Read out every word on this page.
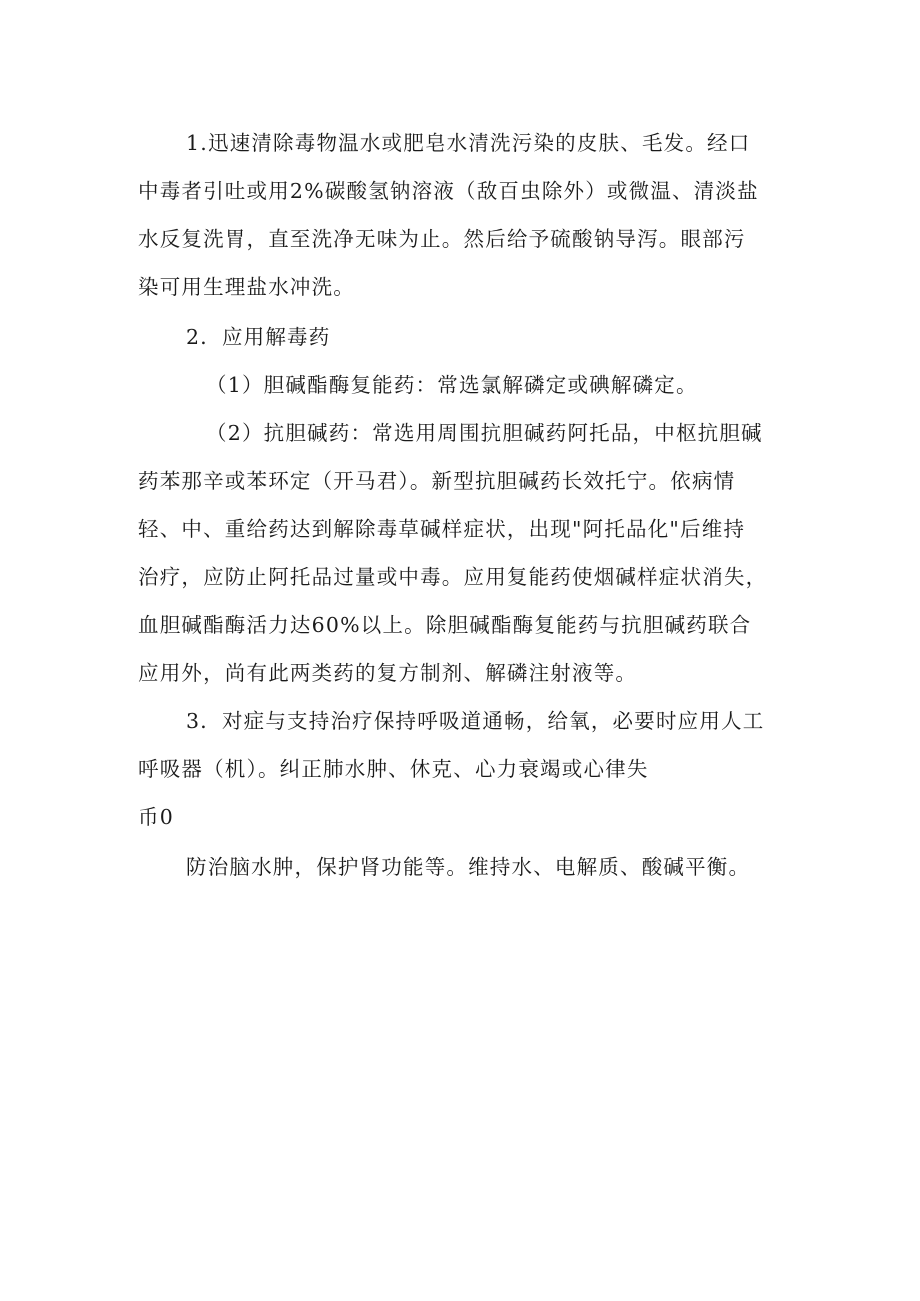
1.迅速清除毒物温水或肥皂水清洗污染的皮肤、毛发。经口
中毒者引吐或用2%碳酸氢钠溶液（敌百虫除外）或微温、清淡盐
水反复洗胃，直至洗净无味为止。然后给予硫酸钠导泻。眼部污
染可用生理盐水冲洗。
2．应用解毒药
（1）胆碱酯酶复能药：常选氯解磷定或碘解磷定。
（2）抗胆碱药：常选用周围抗胆碱药阿托品，中枢抗胆碱
药苯那辛或苯环定（开马君）。新型抗胆碱药长效托宁。依病情
轻、中、重给药达到解除毒草碱样症状，出现"阿托品化"后维持
治疗，应防止阿托品过量或中毒。应用复能药使烟碱样症状消失，
血胆碱酯酶活力达60%以上。除胆碱酯酶复能药与抗胆碱药联合
应用外，尚有此两类药的复方制剂、解磷注射液等。
3．对症与支持治疗保持呼吸道通畅，给氧，必要时应用人工
呼吸器（机）。纠正肺水肿、休克、心力衰竭或心律失
币0
防治脑水肿，保护肾功能等。维持水、电解质、酸碱平衡。
